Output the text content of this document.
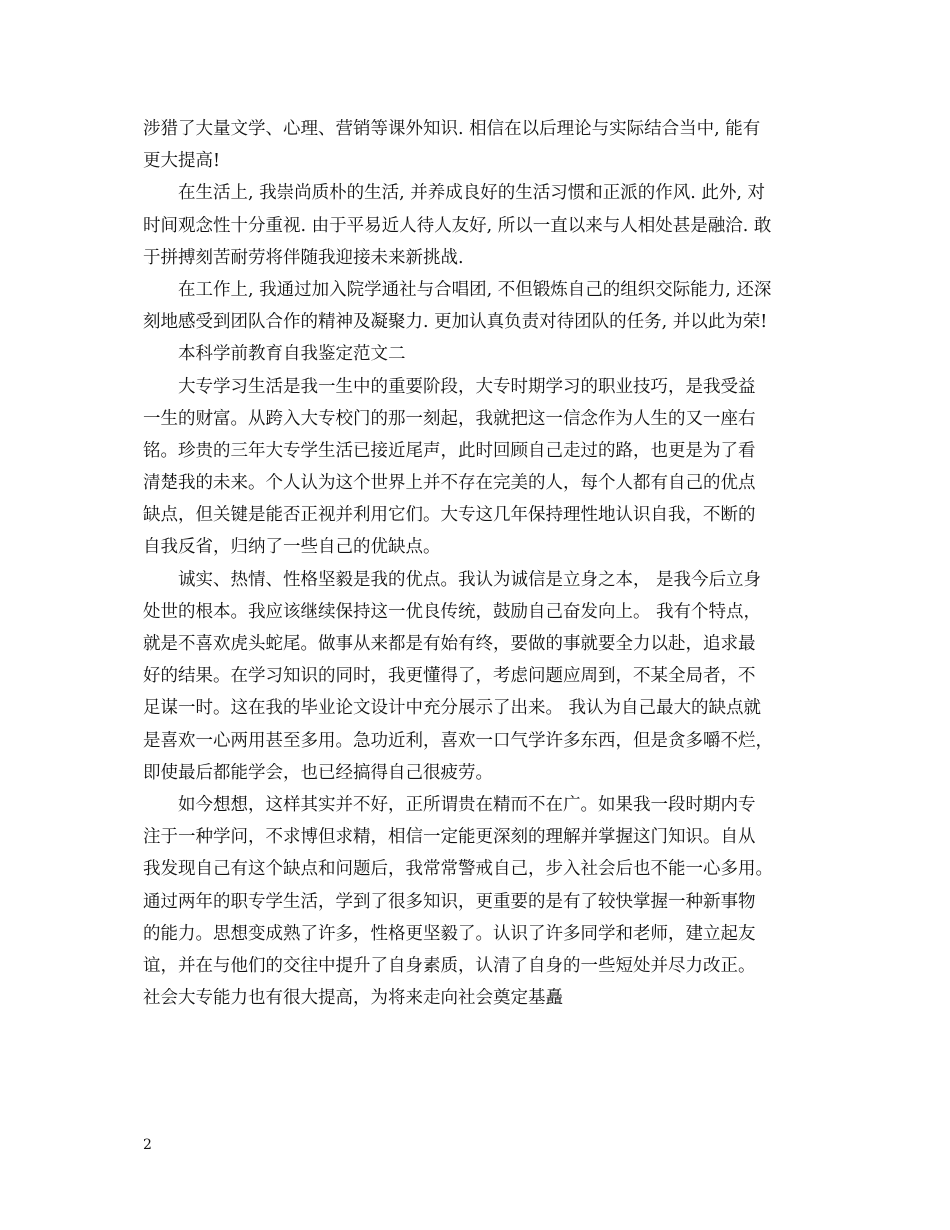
涉猎了大量文学、心理、营销等课外知识. 相信在以后理论与实际结合当中, 能有
更大提高!
　　在生活上, 我崇尚质朴的生活, 并养成良好的生活习惯和正派的作风. 此外, 对
时间观念性十分重视. 由于平易近人待人友好, 所以一直以来与人相处甚是融洽. 敢
于拼搏刻苦耐劳将伴随我迎接未来新挑战.
　　在工作上, 我通过加入院学通社与合唱团, 不但锻炼自己的组织交际能力, 还深
刻地感受到团队合作的精神及凝聚力. 更加认真负责对待团队的任务, 并以此为荣!
　　本科学前教育自我鉴定范文二
　　大专学习生活是我一生中的重要阶段，大专时期学习的职业技巧，是我受益
一生的财富。从跨入大专校门的那一刻起，我就把这一信念作为人生的又一座右
铭。珍贵的三年大专学生活已接近尾声，此时回顾自己走过的路，也更是为了看
清楚我的未来。个人认为这个世界上并不存在完美的人，每个人都有自己的优点
缺点，但关键是能否正视并利用它们。大专这几年保持理性地认识自我，不断的
自我反省，归纳了一些自己的优缺点。
　　诚实、热情、性格坚毅是我的优点。我认为诚信是立身之本， 是我今后立身
处世的根本。我应该继续保持这一优良传统，鼓励自己奋发向上。 我有个特点，
就是不喜欢虎头蛇尾。做事从来都是有始有终，要做的事就要全力以赴，追求最
好的结果。在学习知识的同时，我更懂得了，考虑问题应周到，不某全局者，不
足谋一时。这在我的毕业论文设计中充分展示了出来。 我认为自己最大的缺点就
是喜欢一心两用甚至多用。急功近利，喜欢一口气学许多东西，但是贪多嚼不烂，
即使最后都能学会，也已经搞得自己很疲劳。
　　如今想想，这样其实并不好，正所谓贵在精而不在广。如果我一段时期内专
注于一种学问，不求博但求精，相信一定能更深刻的理解并掌握这门知识。自从
我发现自己有这个缺点和问题后，我常常警戒自己，步入社会后也不能一心多用。
通过两年的职专学生活，学到了很多知识，更重要的是有了较快掌握一种新事物
的能力。思想变成熟了许多，性格更坚毅了。认识了许多同学和老师，建立起友
谊，并在与他们的交往中提升了自身素质，认清了自身的一些短处并尽力改正。
社会大专能力也有很大提高，为将来走向社会奠定基矗
2
